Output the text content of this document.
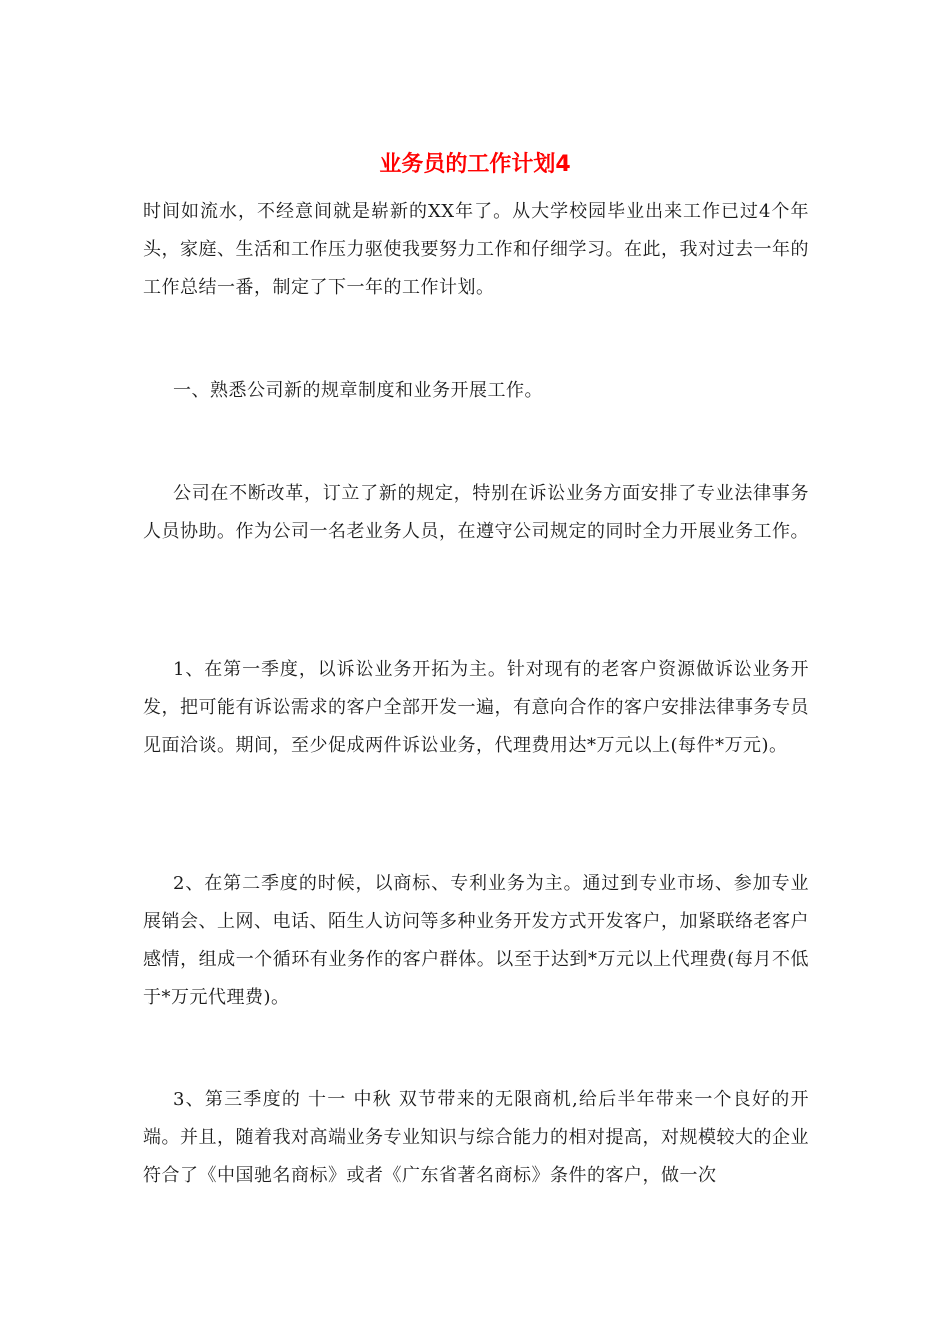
业务员的工作计划4

时间如流水，不经意间就是崭新的XX年了。从大学校园毕业出来工作已过4个年头，家庭、生活和工作压力驱使我要努力工作和仔细学习。在此，我对过去一年的工作总结一番，制定了下一年的工作计划。

一、熟悉公司新的规章制度和业务开展工作。

公司在不断改革，订立了新的规定，特别在诉讼业务方面安排了专业法律事务人员协助。作为公司一名老业务人员，在遵守公司规定的同时全力开展业务工作。

1、在第一季度，以诉讼业务开拓为主。针对现有的老客户资源做诉讼业务开发，把可能有诉讼需求的客户全部开发一遍，有意向合作的客户安排法律事务专员见面洽谈。期间，至少促成两件诉讼业务，代理费用达*万元以上(每件*万元)。

2、在第二季度的时候，以商标、专利业务为主。通过到专业市场、参加专业展销会、上网、电话、陌生人访问等多种业务开发方式开发客户，加紧联络老客户感情，组成一个循环有业务作的客户群体。以至于达到*万元以上代理费(每月不低于*万元代理费)。

3、第三季度的 十一 中秋 双节带来的无限商机,给后半年带来一个良好的开端。并且，随着我对高端业务专业知识与综合能力的相对提高，对规模较大的企业符合了《中国驰名商标》或者《广东省著名商标》条件的客户，做一次
